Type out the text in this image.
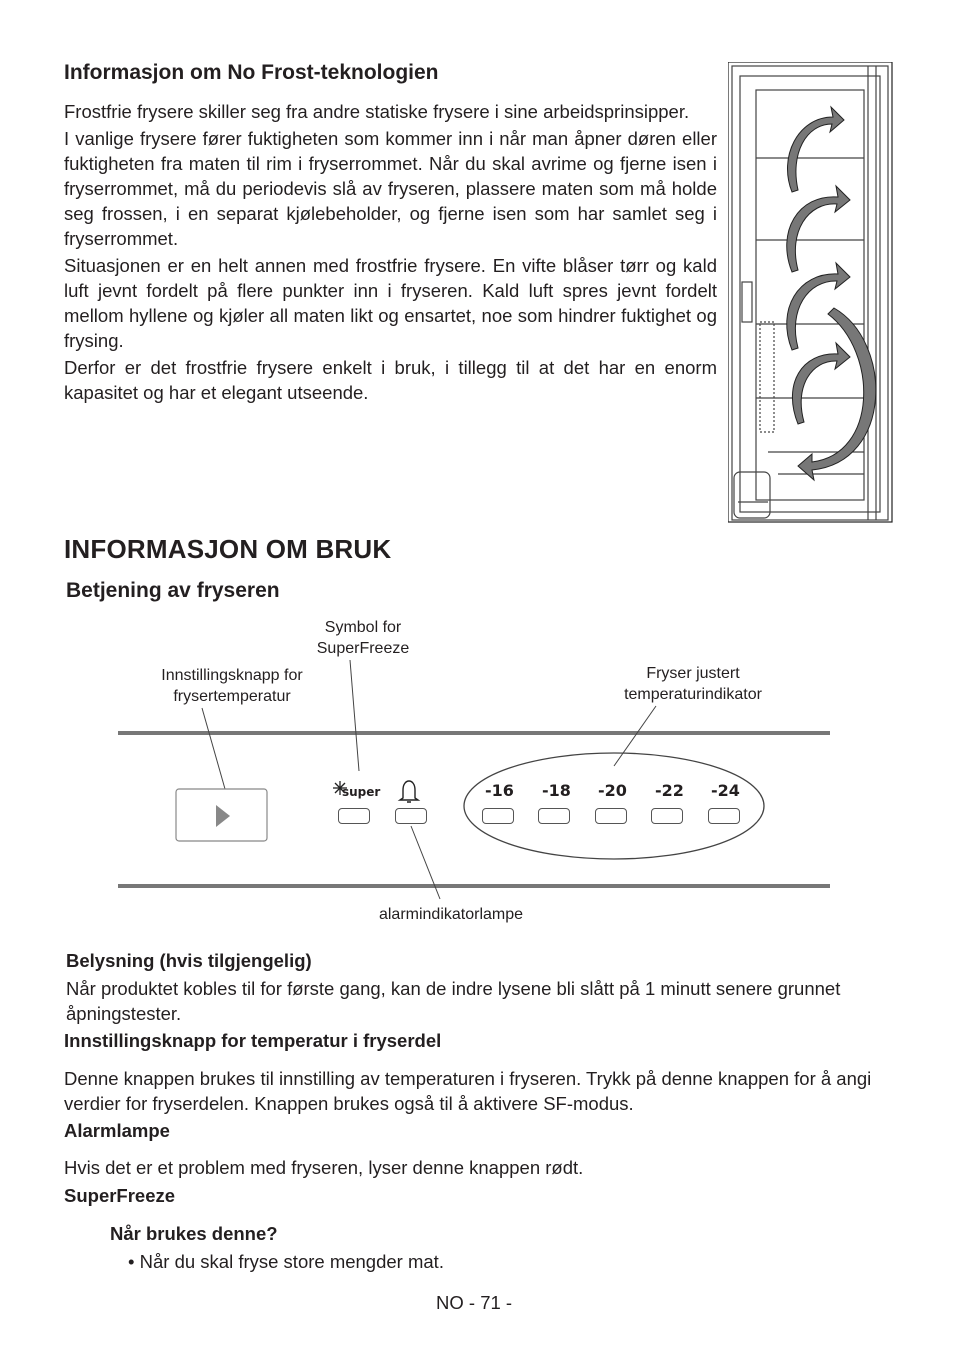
Informasjon om No Frost-teknologien

Frostfrie frysere skiller seg fra andre statiske frysere i sine arbeidsprinsipper.

I vanlige frysere fører fuktigheten som kommer inn i når man åpner døren eller fuktigheten fra maten til rim i fryserrommet. Når du skal avrime og fjerne isen i fryserrommet, må du periodevis slå av fryseren, plassere maten som må holde seg frossen, i en separat kjølebeholder, og fjerne isen som har samlet seg i fryserrommet.

Situasjonen er en helt annen med frostfrie frysere. En vifte blåser tørr og kald luft jevnt fordelt på flere punkter inn i fryseren. Kald luft spres jevnt fordelt mellom hyllene og kjøler all maten likt og ensartet, noe som hindrer fuktighet og frysing.

Derfor er det frostfrie frysere enkelt i bruk, i tillegg til at det har en enorm kapasitet og har et elegant utseende.

INFORMASJON OM BRUK
Betjening av fryseren
Symbol for SuperFreeze
Innstillingsknapp for frysertemperatur
Fryser justert temperaturindikator
super	-16 -18 -20 -22 -24
alarmindikatorlampe
Belysning (hvis tilgjengelig)
Når produktet kobles til for første gang, kan de indre lysene bli slått på 1 minutt senere grunnet åpningstester.
Innstillingsknapp for temperatur i fryserdel
Denne knappen brukes til innstilling av temperaturen i fryseren. Trykk på denne knappen for å angi verdier for fryserdelen. Knappen brukes også til å aktivere SF-modus.
Alarmlampe
Hvis det er et problem med fryseren, lyser denne knappen rødt.
SuperFreeze
Når brukes denne?
• Når du skal fryse store mengder mat.
NO - 71 -
